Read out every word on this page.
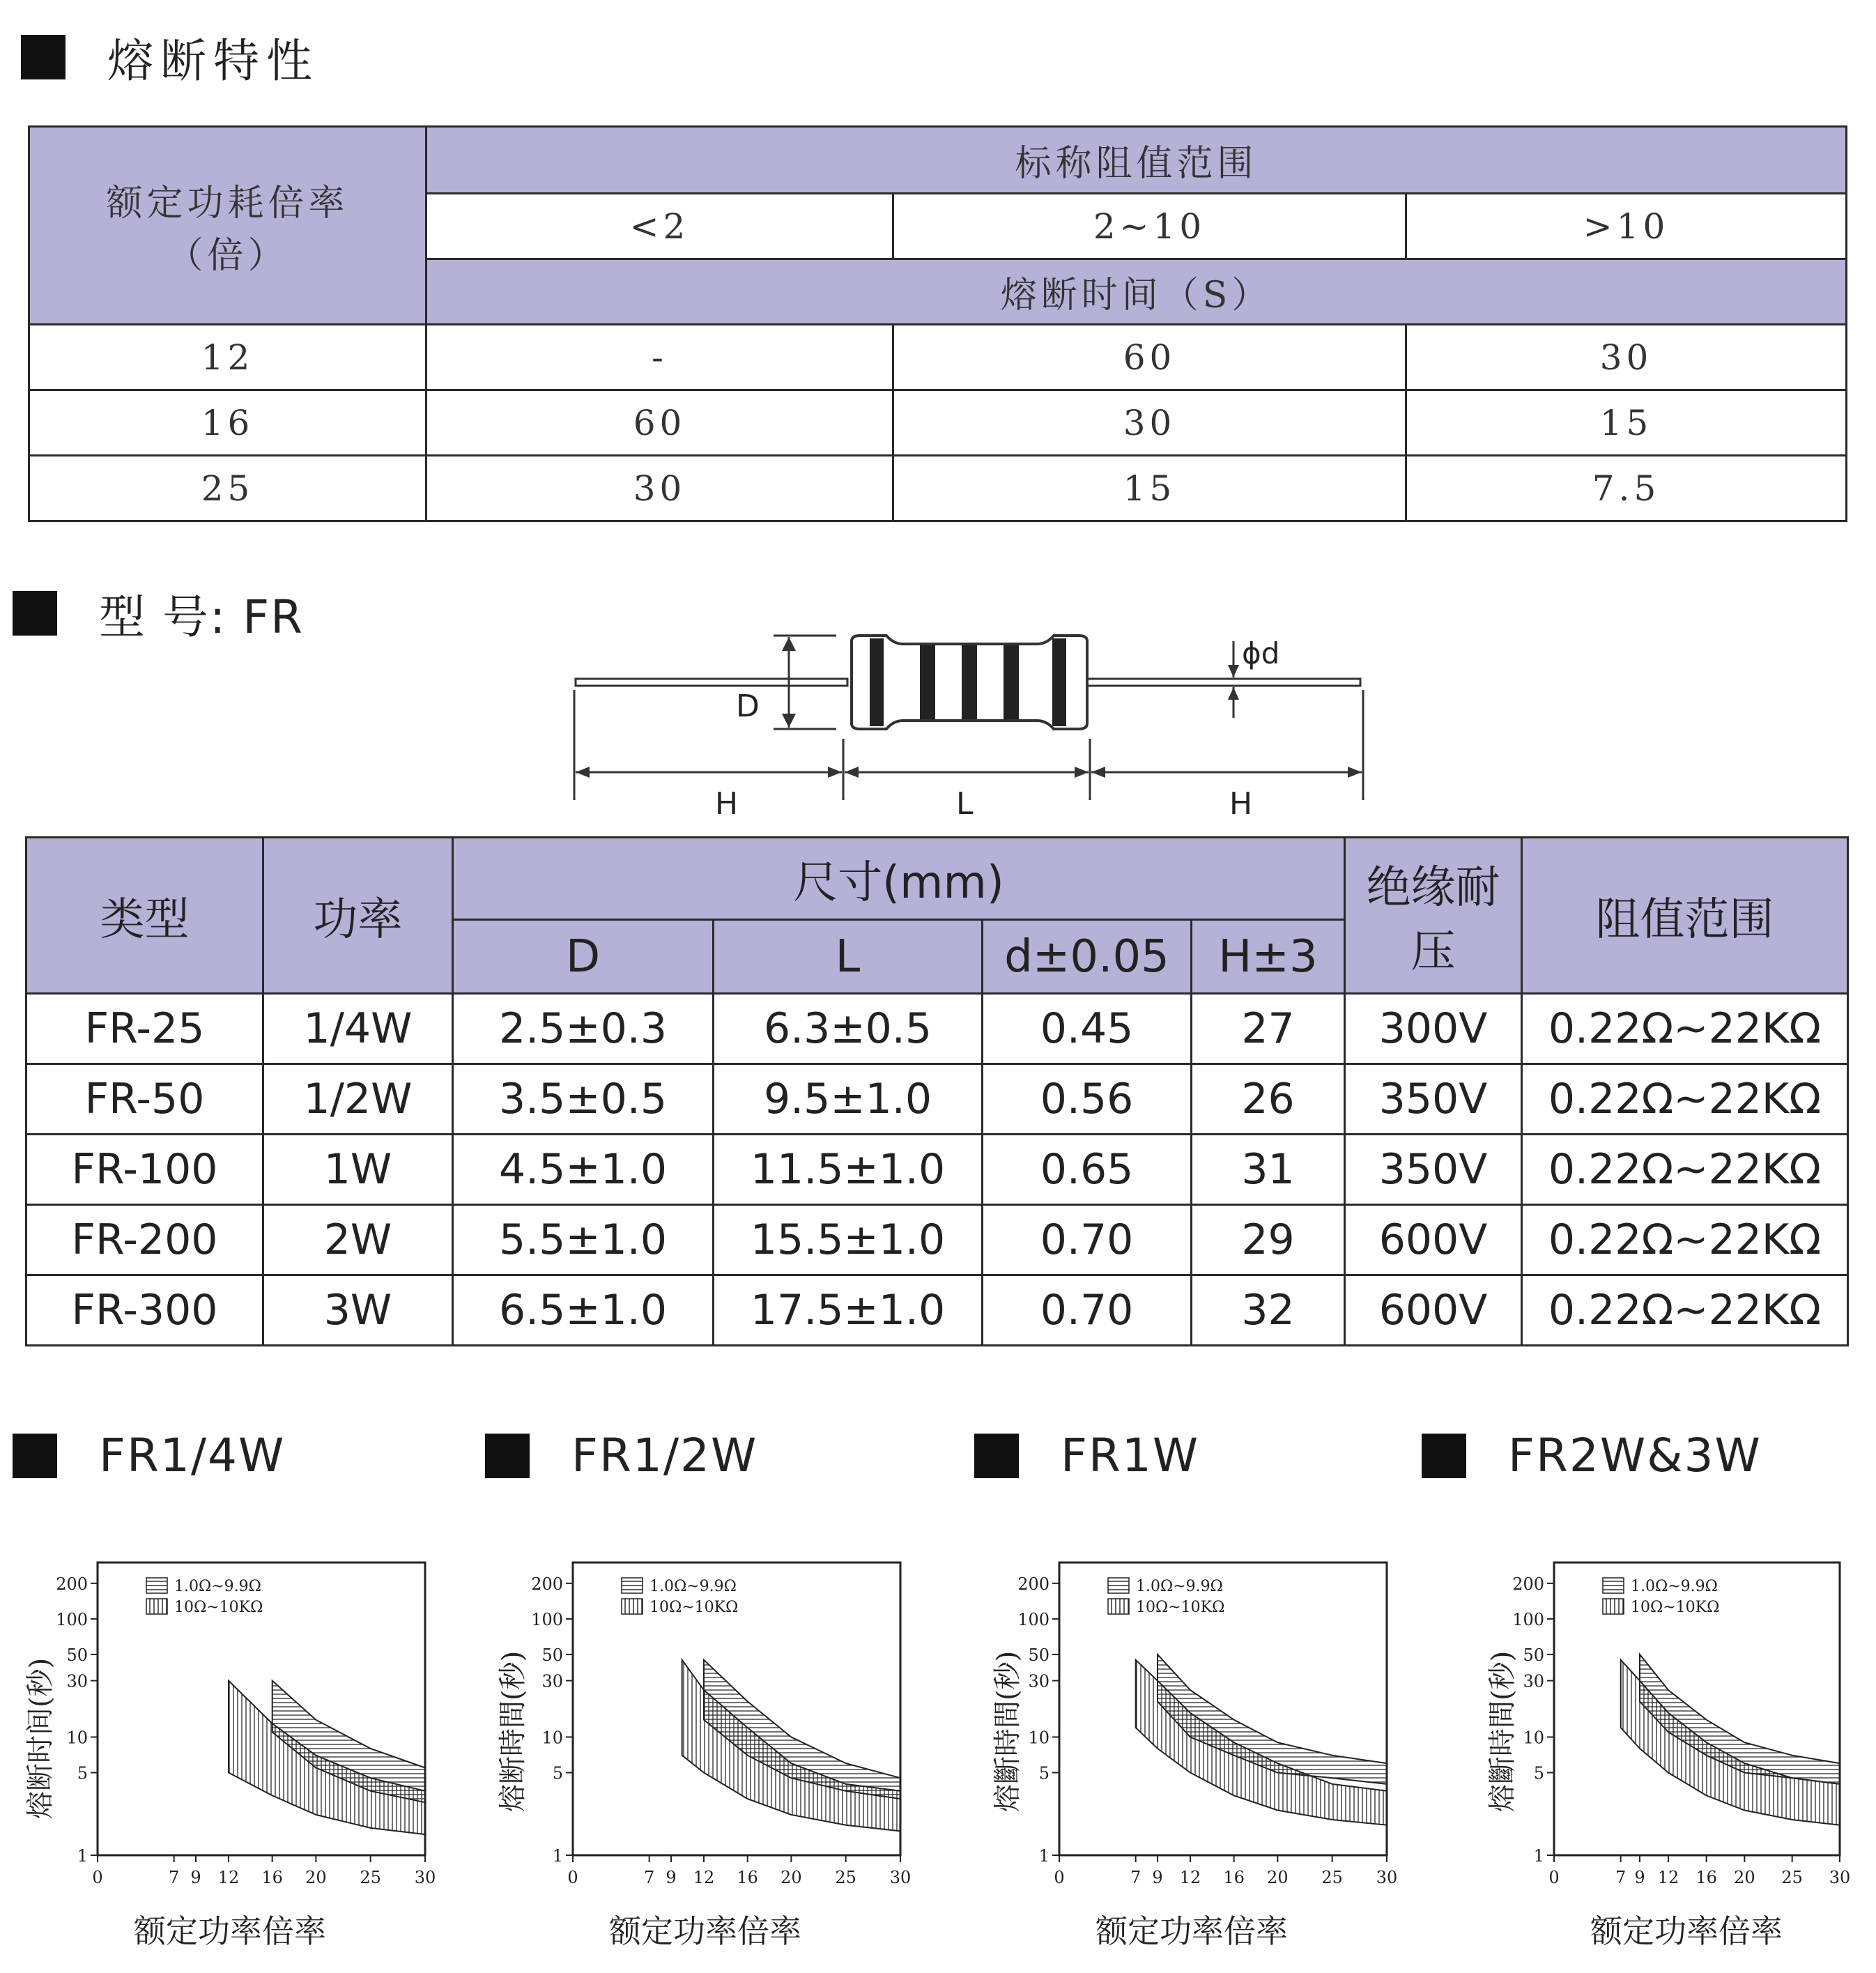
熔断特性
额定功耗倍率
（倍）	标称阻值范围		
	<2	2~10	>10
	熔断时间（S）		
12	-	60	30
16	60	30	15
25	30	15	7.5
型 号: FR
D
ϕd
H	L	H
类型	功率	尺寸(mm)				绝缘耐压	阻值范围
		D	L	d±0.05	H±3		
FR-25	1/4W	2.5±0.3	6.3±0.5	0.45	27	300V	0.22Ω~22KΩ
FR-50	1/2W	3.5±0.5	9.5±1.0	0.56	26	350V	0.22Ω~22KΩ
FR-100	1W	4.5±1.0	11.5±1.0	0.65	31	350V	0.22Ω~22KΩ
FR-200	2W	5.5±1.0	15.5±1.0	0.70	29	600V	0.22Ω~22KΩ
FR-300	3W	6.5±1.0	17.5±1.0	0.70	32	600V	0.22Ω~22KΩ
FR1/4W	FR1/2W	FR1W	FR2W&3W
熔断时间(秒)
1
5
10
30
50
100
200
0	7 9 12 16 20 25 30
1.0Ω~9.9Ω
10Ω~10KΩ
额定功率倍率
熔断時間(秒)
1
5
10
30
50
100
200
0	7 9 12 16 20 25 30
1.0Ω~9.9Ω
10Ω~10KΩ
额定功率倍率
熔斷時間(秒)
1
5
10
30
50
100
200
0	7 9 12 16 20 25 30
1.0Ω~9.9Ω
10Ω~10KΩ
额定功率倍率
熔斷時間(秒)
1
5
10
30
50
100
200
0	7 9 12 16 20 25 30
1.0Ω~9.9Ω
10Ω~10KΩ
额定功率倍率
